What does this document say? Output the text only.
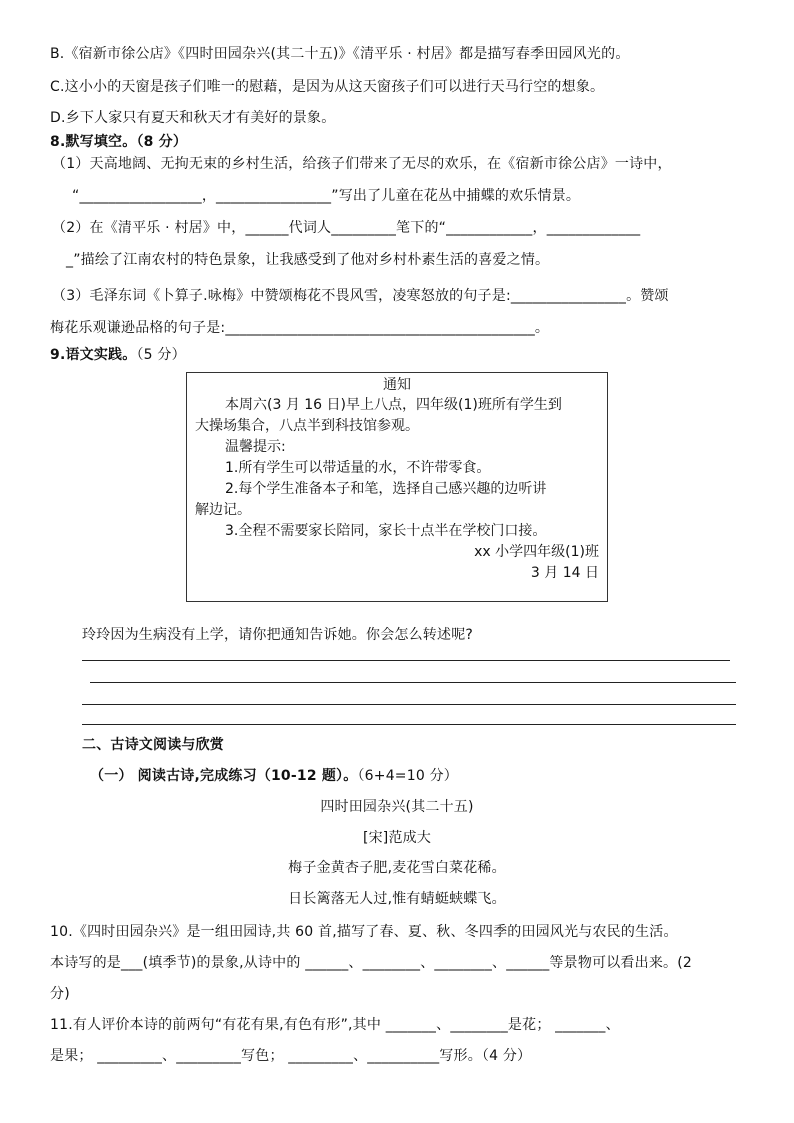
B.《宿新市徐公店》《四时田园杂兴(其二十五)》《清平乐 · 村居》都是描写春季田园风光的。
C.这小小的天窗是孩子们唯一的慰藉，是因为从这天窗孩子们可以进行天马行空的想象。
D.乡下人家只有夏天和秋天才有美好的景象。
8.默写填空。（8 分）
（1）天高地阔、无拘无束的乡村生活，给孩子们带来了无尽的欢乐，在《宿新市徐公店》一诗中，
“_________________，________________”写出了儿童在花丛中捕蝶的欢乐情景。
（2）在《清平乐 · 村居》中，______代词人_________笔下的“____________，_____________
_”描绘了江南农村的特色景象，让我感受到了他对乡村朴素生活的喜爱之情。
（3）毛泽东词《卜算子.咏梅》中赞颂梅花不畏风雪，凌寒怒放的句子是:________________。赞颂
梅花乐观谦逊品格的句子是:___________________________________________。
9.语文实践。（5 分）
通知
本周六(3 月 16 日)早上八点，四年级(1)班所有学生到
大操场集合，八点半到科技馆参观。
温馨提示:
1.所有学生可以带适量的水，不许带零食。
2.每个学生准备本子和笔，选择自己感兴趣的边听讲
解边记。
3.全程不需要家长陪同，家长十点半在学校门口接。
xx 小学四年级(1)班
3 月 14 日
玲玲因为生病没有上学，请你把通知告诉她。你会怎么转述呢?
二、古诗文阅读与欣赏
（一） 阅读古诗,完成练习（10-12 题）。（6+4=10 分）
四时田园杂兴(其二十五)
[宋]范成大
梅子金黄杏子肥,麦花雪白菜花稀。
日长篱落无人过,惟有蜻蜓蛱蝶飞。
10.《四时田园杂兴》是一组田园诗,共 60 首,描写了春、夏、秋、冬四季的田园风光与农民的生活。
本诗写的是___(填季节)的景象,从诗中的 ______、________、________、______等景物可以看出来。(2
分)
11.有人评价本诗的前两句“有花有果,有色有形”,其中 _______、________是花； _______、
是果； _________、_________写色； _________、__________写形。（4 分）
